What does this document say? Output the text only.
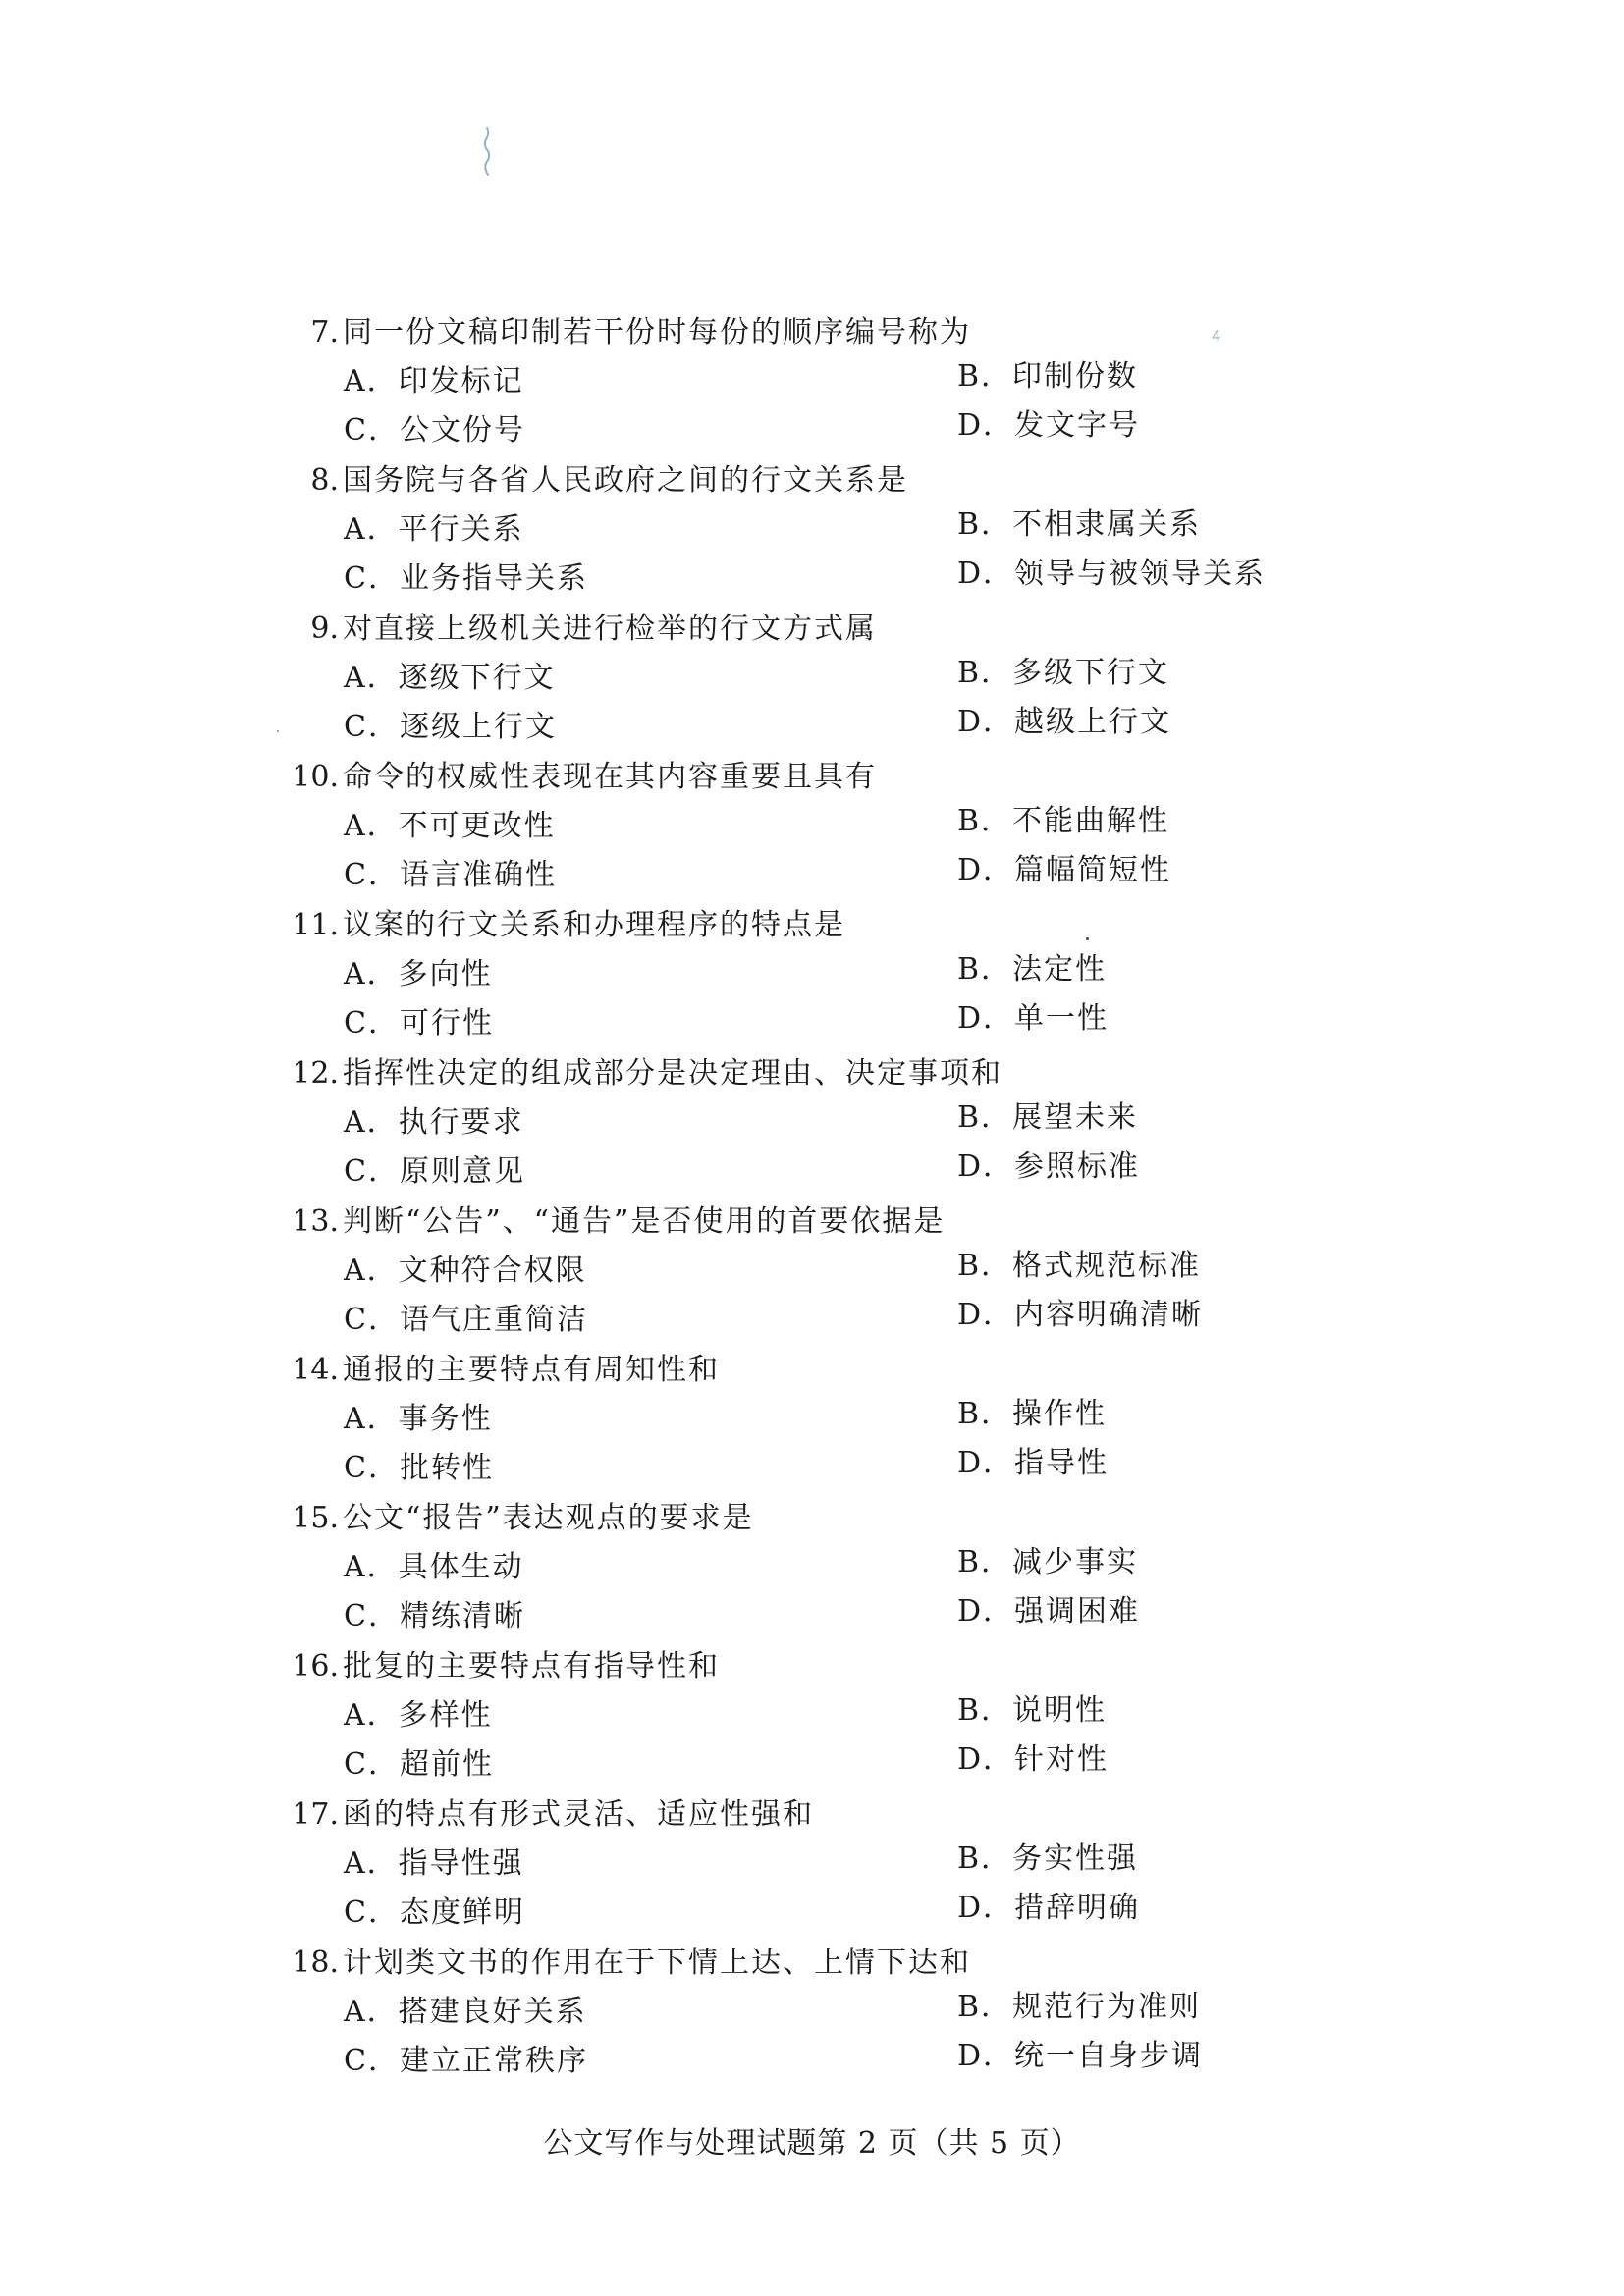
4
7. 同一份文稿印制若干份时每份的顺序编号称为
A．印发标记	B．印制份数
C．公文份号	D．发文字号
8. 国务院与各省人民政府之间的行文关系是
A．平行关系	B．不相隶属关系
C．业务指导关系	D．领导与被领导关系
9. 对直接上级机关进行检举的行文方式属
A．逐级下行文	B．多级下行文
C．逐级上行文	D．越级上行文
10. 命令的权威性表现在其内容重要且具有
A．不可更改性	B．不能曲解性
C．语言准确性	D．篇幅简短性
11. 议案的行文关系和办理程序的特点是
A．多向性	B．法定性
C．可行性	D．单一性
12. 指挥性决定的组成部分是决定理由、决定事项和
A．执行要求	B．展望未来
C．原则意见	D．参照标准
13. 判断“公告”、“通告”是否使用的首要依据是
A．文种符合权限	B．格式规范标准
C．语气庄重简洁	D．内容明确清晰
14. 通报的主要特点有周知性和
A．事务性	B．操作性
C．批转性	D．指导性
15. 公文“报告”表达观点的要求是
A．具体生动	B．减少事实
C．精练清晰	D．强调困难
16. 批复的主要特点有指导性和
A．多样性	B．说明性
C．超前性	D．针对性
17. 函的特点有形式灵活、适应性强和
A．指导性强	B．务实性强
C．态度鲜明	D．措辞明确
18. 计划类文书的作用在于下情上达、上情下达和
A．搭建良好关系	B．规范行为准则
C．建立正常秩序	D．统一自身步调
公文写作与处理试题第 2 页（共 5 页）
